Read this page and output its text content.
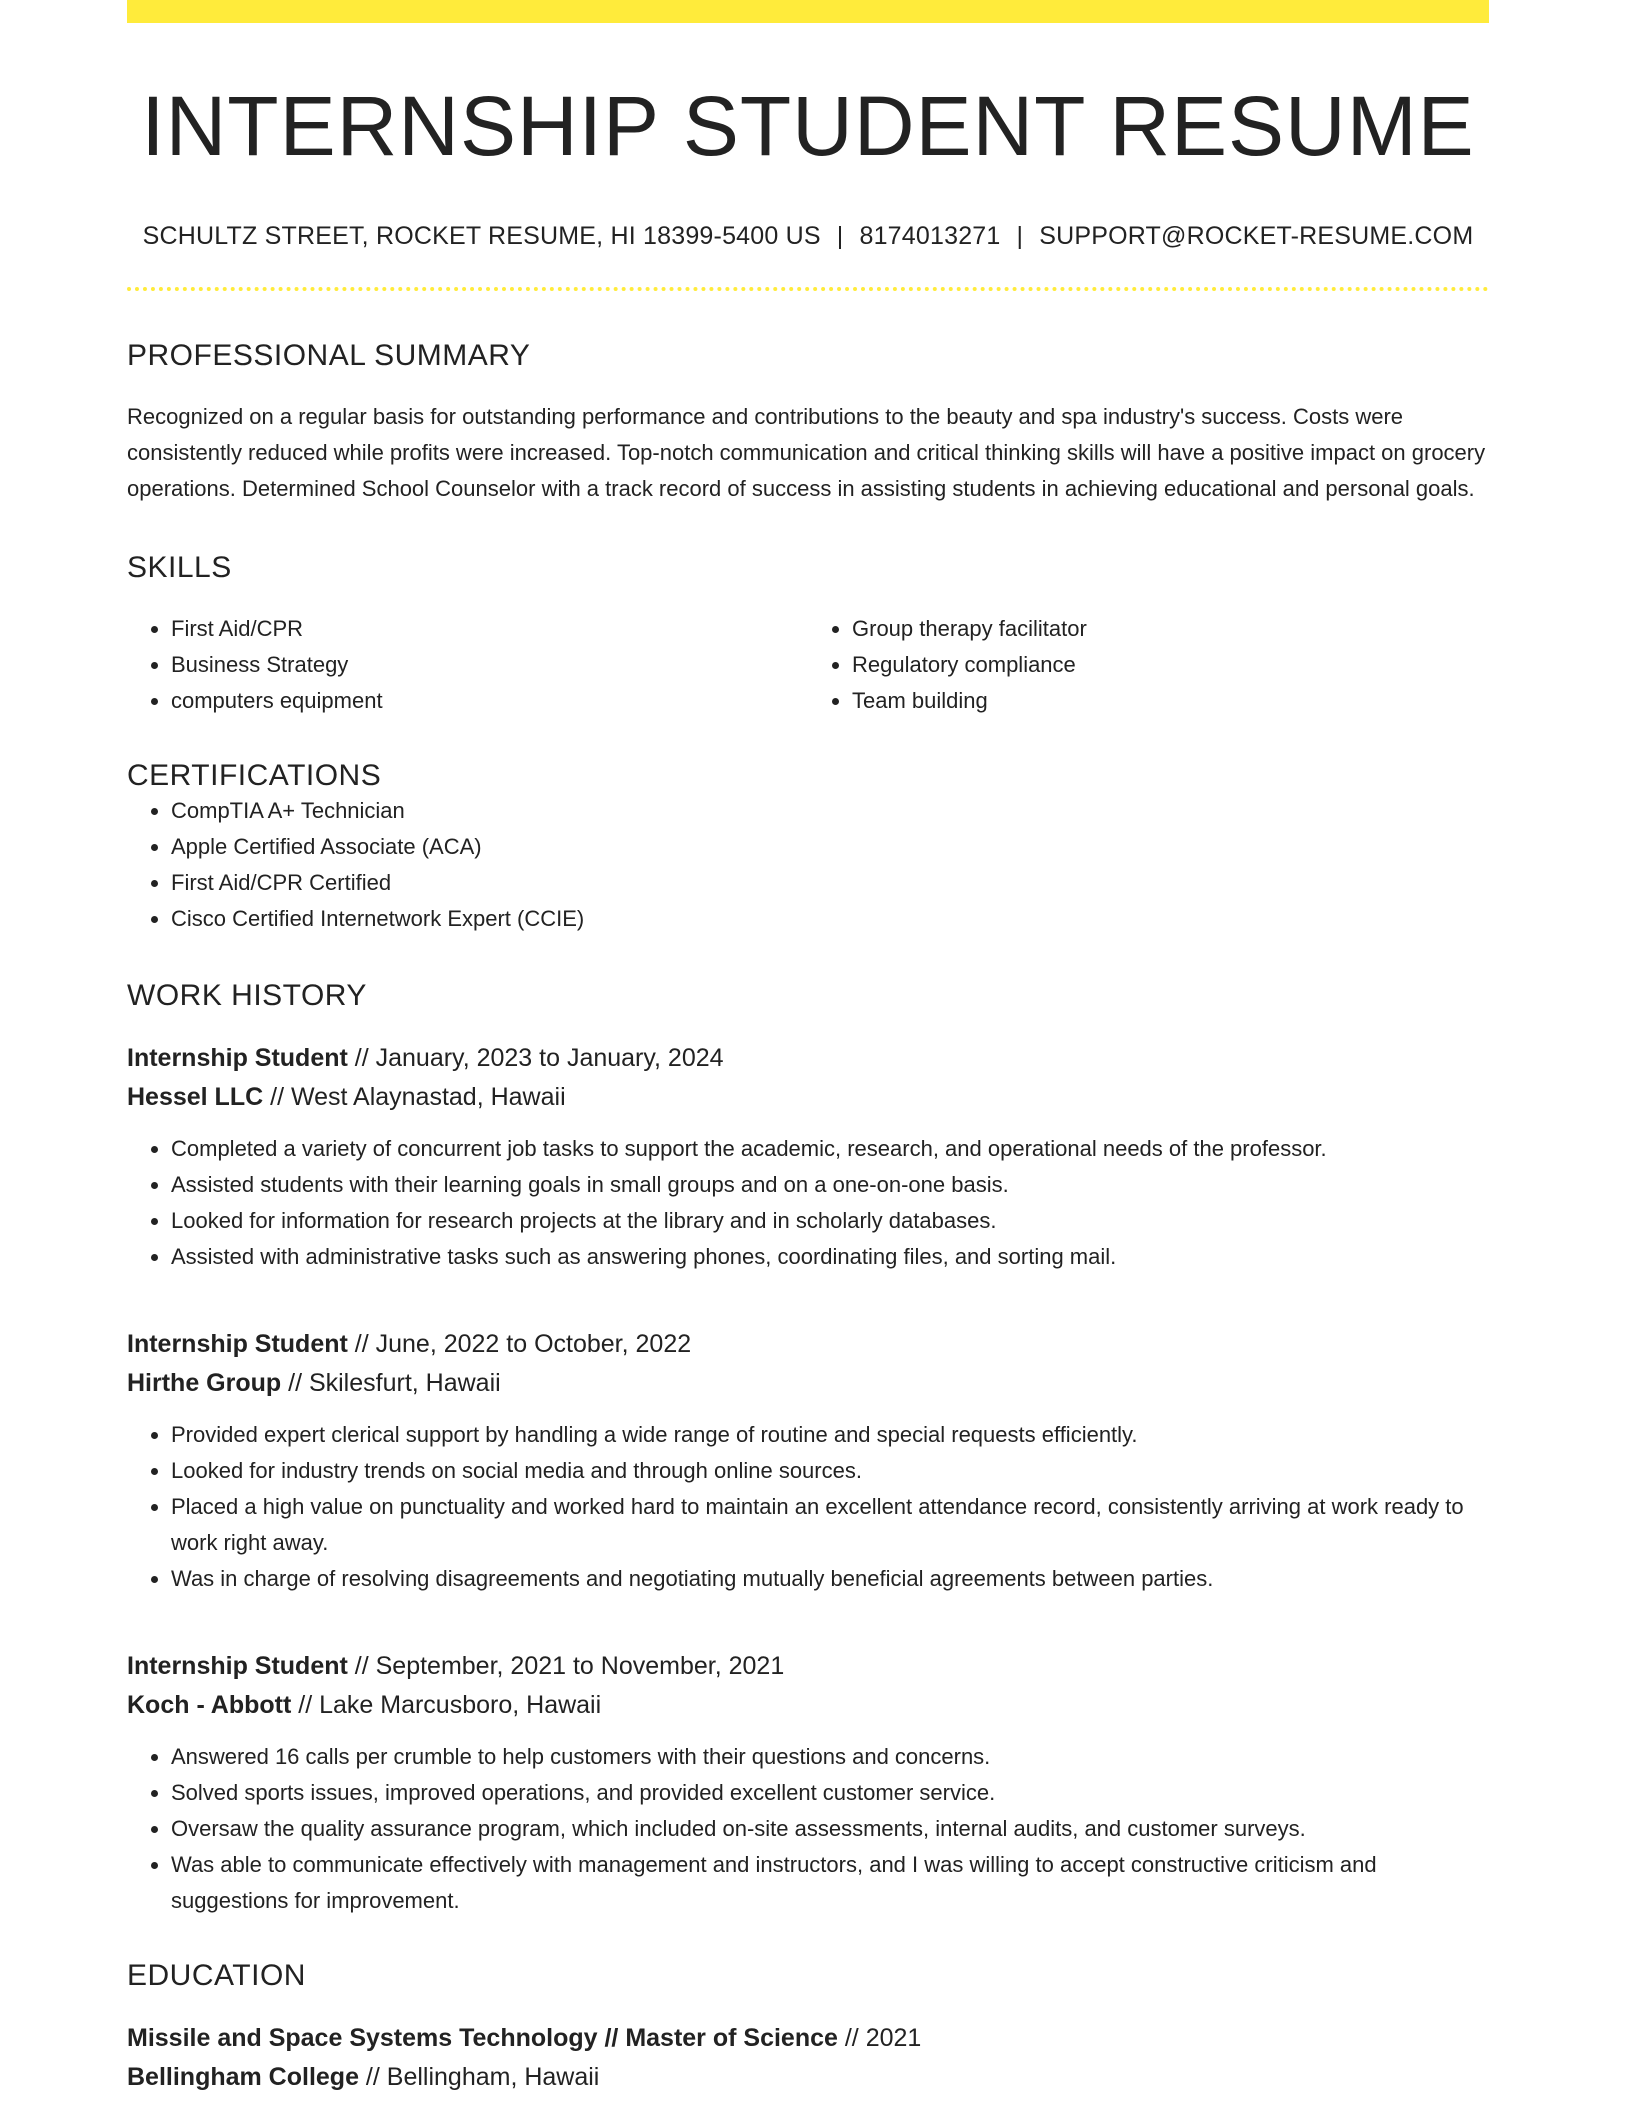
INTERNSHIP STUDENT RESUME
SCHULTZ STREET, ROCKET RESUME, HI 18399-5400 US | 8174013271 | SUPPORT@ROCKET-RESUME.COM
PROFESSIONAL SUMMARY
Recognized on a regular basis for outstanding performance and contributions to the beauty and spa industry's success. Costs were consistently reduced while profits were increased. Top-notch communication and critical thinking skills will have a positive impact on grocery operations. Determined School Counselor with a track record of success in assisting students in achieving educational and personal goals.
SKILLS
• First Aid/CPR
• Business Strategy
• computers equipment
• Group therapy facilitator
• Regulatory compliance
• Team building
CERTIFICATIONS
• CompTIA A+ Technician
• Apple Certified Associate (ACA)
• First Aid/CPR Certified
• Cisco Certified Internetwork Expert (CCIE)
WORK HISTORY
Internship Student // January, 2023 to January, 2024
Hessel LLC // West Alaynastad, Hawaii
• Completed a variety of concurrent job tasks to support the academic, research, and operational needs of the professor.
• Assisted students with their learning goals in small groups and on a one-on-one basis.
• Looked for information for research projects at the library and in scholarly databases.
• Assisted with administrative tasks such as answering phones, coordinating files, and sorting mail.
Internship Student // June, 2022 to October, 2022
Hirthe Group // Skilesfurt, Hawaii
• Provided expert clerical support by handling a wide range of routine and special requests efficiently.
• Looked for industry trends on social media and through online sources.
• Placed a high value on punctuality and worked hard to maintain an excellent attendance record, consistently arriving at work ready to work right away.
• Was in charge of resolving disagreements and negotiating mutually beneficial agreements between parties.
Internship Student // September, 2021 to November, 2021
Koch - Abbott // Lake Marcusboro, Hawaii
• Answered 16 calls per crumble to help customers with their questions and concerns.
• Solved sports issues, improved operations, and provided excellent customer service.
• Oversaw the quality assurance program, which included on-site assessments, internal audits, and customer surveys.
• Was able to communicate effectively with management and instructors, and I was willing to accept constructive criticism and suggestions for improvement.
EDUCATION
Missile and Space Systems Technology // Master of Science // 2021
Bellingham College // Bellingham, Hawaii
